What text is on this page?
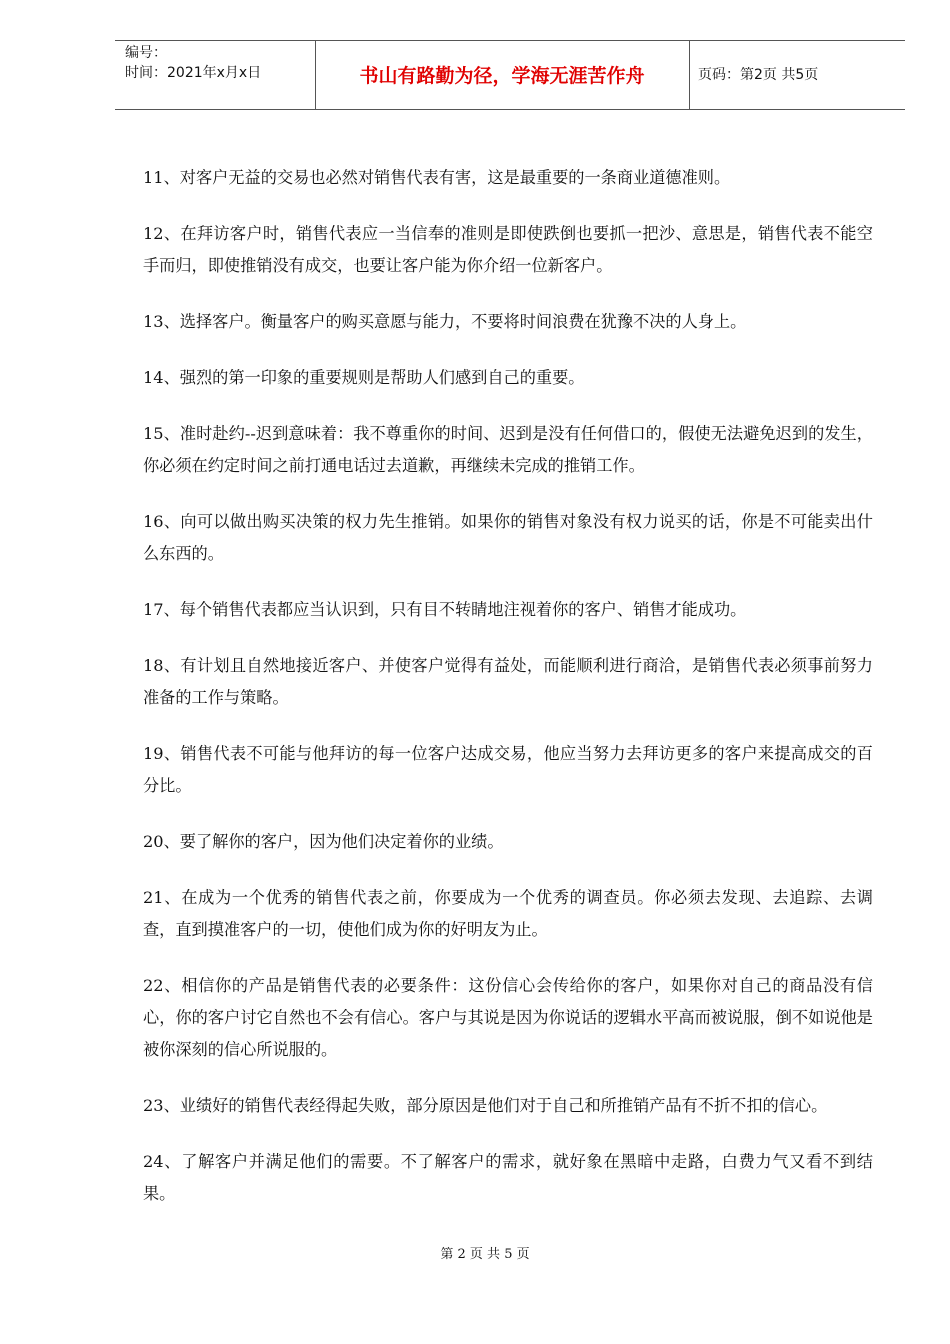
编号：
时间：2021年x月x日	书山有路勤为径，学海无涯苦作舟	页码：第2页 共5页

11、对客户无益的交易也必然对销售代表有害，这是最重要的一条商业道德准则。

12、在拜访客户时，销售代表应一当信奉的准则是即使跌倒也要抓一把沙、意思是，销售代表不能空手而归，即使推销没有成交，也要让客户能为你介绍一位新客户。

13、选择客户。衡量客户的购买意愿与能力，不要将时间浪费在犹豫不决的人身上。

14、强烈的第一印象的重要规则是帮助人们感到自己的重要。

15、准时赴约--迟到意味着：我不尊重你的时间、迟到是没有任何借口的，假使无法避免迟到的发生，你必须在约定时间之前打通电话过去道歉，再继续未完成的推销工作。

16、向可以做出购买决策的权力先生推销。如果你的销售对象没有权力说买的话，你是不可能卖出什么东西的。

17、每个销售代表都应当认识到，只有目不转睛地注视着你的客户、销售才能成功。

18、有计划且自然地接近客户、并使客户觉得有益处，而能顺利进行商洽，是销售代表必须事前努力准备的工作与策略。

19、销售代表不可能与他拜访的每一位客户达成交易，他应当努力去拜访更多的客户来提高成交的百分比。

20、要了解你的客户，因为他们决定着你的业绩。

21、在成为一个优秀的销售代表之前，你要成为一个优秀的调查员。你必须去发现、去追踪、去调查，直到摸准客户的一切，使他们成为你的好明友为止。

22、相信你的产品是销售代表的必要条件：这份信心会传给你的客户，如果你对自己的商品没有信心，你的客户讨它自然也不会有信心。客户与其说是因为你说话的逻辑水平高而被说服，倒不如说他是被你深刻的信心所说服的。

23、业绩好的销售代表经得起失败，部分原因是他们对于自己和所推销产品有不折不扣的信心。

24、了解客户并满足他们的需要。不了解客户的需求，就好象在黑暗中走路，白费力气又看不到结果。

第 2 页 共 5 页
